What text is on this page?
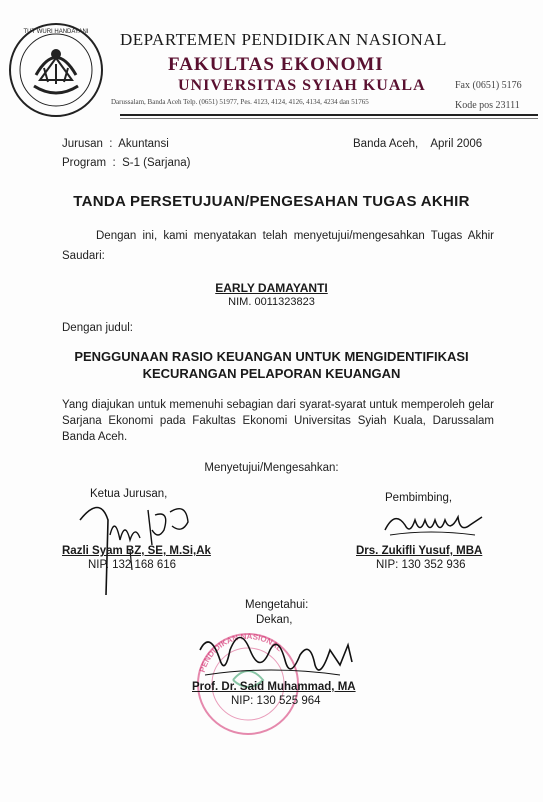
TUT WURI HANDAYANI DEPARTEMEN PENDIDIKAN NASIONAL
FAKULTAS EKONOMI
UNIVERSITAS SYIAH KUALA
Darussalam, Banda Aceh Telp. (0651) 51977, Pes. 4123, 4124, 4126, 4134, 4234 dan 51765
Fax (0651) 5176
Kode pos 23111
Jurusan  :  Akuntansi
Program  :  S-1 (Sarjana)
Banda Aceh,    April 2006
TANDA PERSETUJUAN/PENGESAHAN TUGAS AKHIR
Dengan ini, kami menyatakan telah menyetujui/mengesahkan Tugas Akhir Saudari:
EARLY DAMAYANTI
NIM. 0011323823
Dengan judul:
PENGGUNAAN RASIO KEUANGAN UNTUK MENGIDENTIFIKASI
KECURANGAN PELAPORAN KEUANGAN
Yang diajukan untuk memenuhi sebagian dari syarat-syarat untuk memperoleh gelar Sarjana Ekonomi pada Fakultas Ekonomi Universitas Syiah Kuala, Darussalam Banda Aceh.
Menyetujui/Mengesahkan:
PENDIDIKAN NASIONAL
Ketua Jurusan,
Razli Syam BZ, SE, M.Si,Ak
NIP. 132 168 616
Pembimbing,
Drs. Zukifli Yusuf, MBA
NIP: 130 352 936
Mengetahui:
Dekan,
Prof. Dr. Said Muhammad, MA
NIP: 130 525 964
